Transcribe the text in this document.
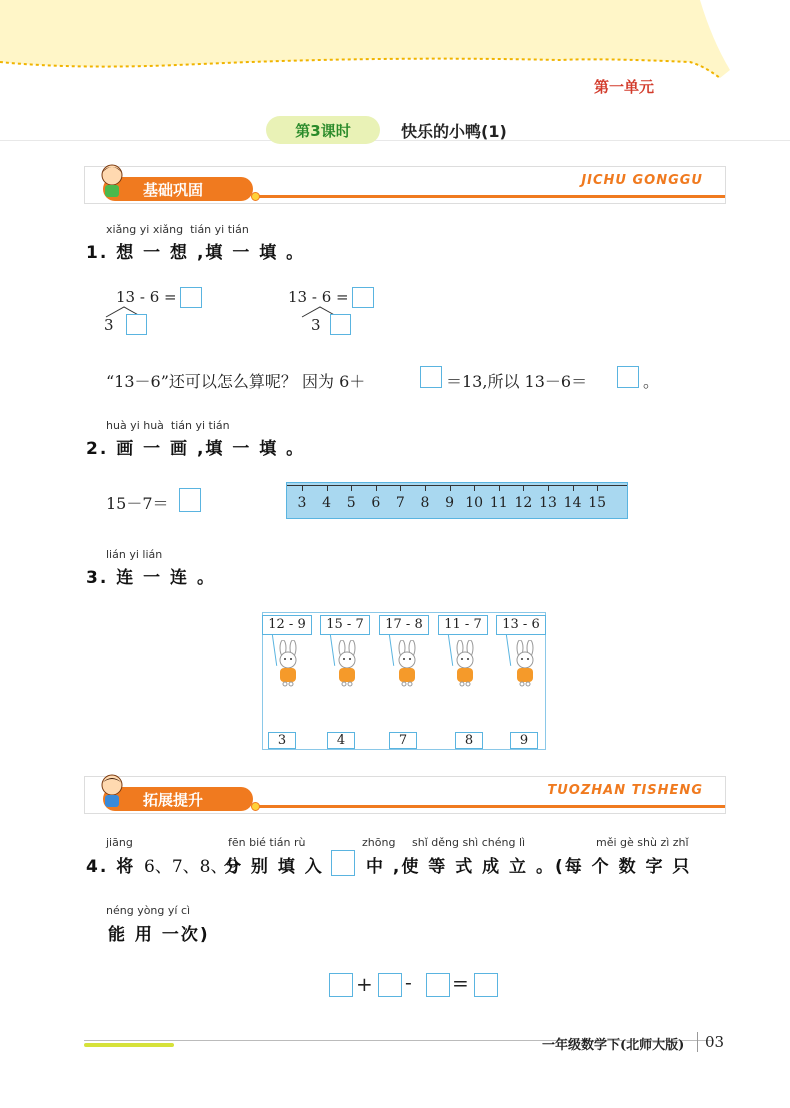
第一单元
第3课时	快乐的小鸭(1)
基础巩固	JICHU GONGGU
xiǎng yi xiǎng  tián yi tián
1. 想 一 想 ,填 一 填 。
13 - 6 =
3
13 - 6 =
3
“13－6”还可以怎么算呢？ 因为 6＋	＝13,所以 13－6＝	。
huà yi huà  tián yi tián
2. 画 一 画 ,填 一 填 。
15－7＝	3	4	5	6	7	8	9 10 11 12 13 14 15
lián yi lián
3. 连 一 连 。
12 - 9	15 - 7	17 - 8	11 - 7	13 - 6
3	4	7	8	9
拓展提升	TUOZHAN TISHENG
jiāng	fēn bié tián rù	zhōng shǐ děng shì chéng lì	měi gè shù zì zhǐ
4. 将 6、7、8、9
分 别 填 入 中 ,使 等 式 成 立 。(每 个 数 字 只
néng yòng yí cì
能 用 一次)
+ - =
一年级数学下(北师大版) 03
